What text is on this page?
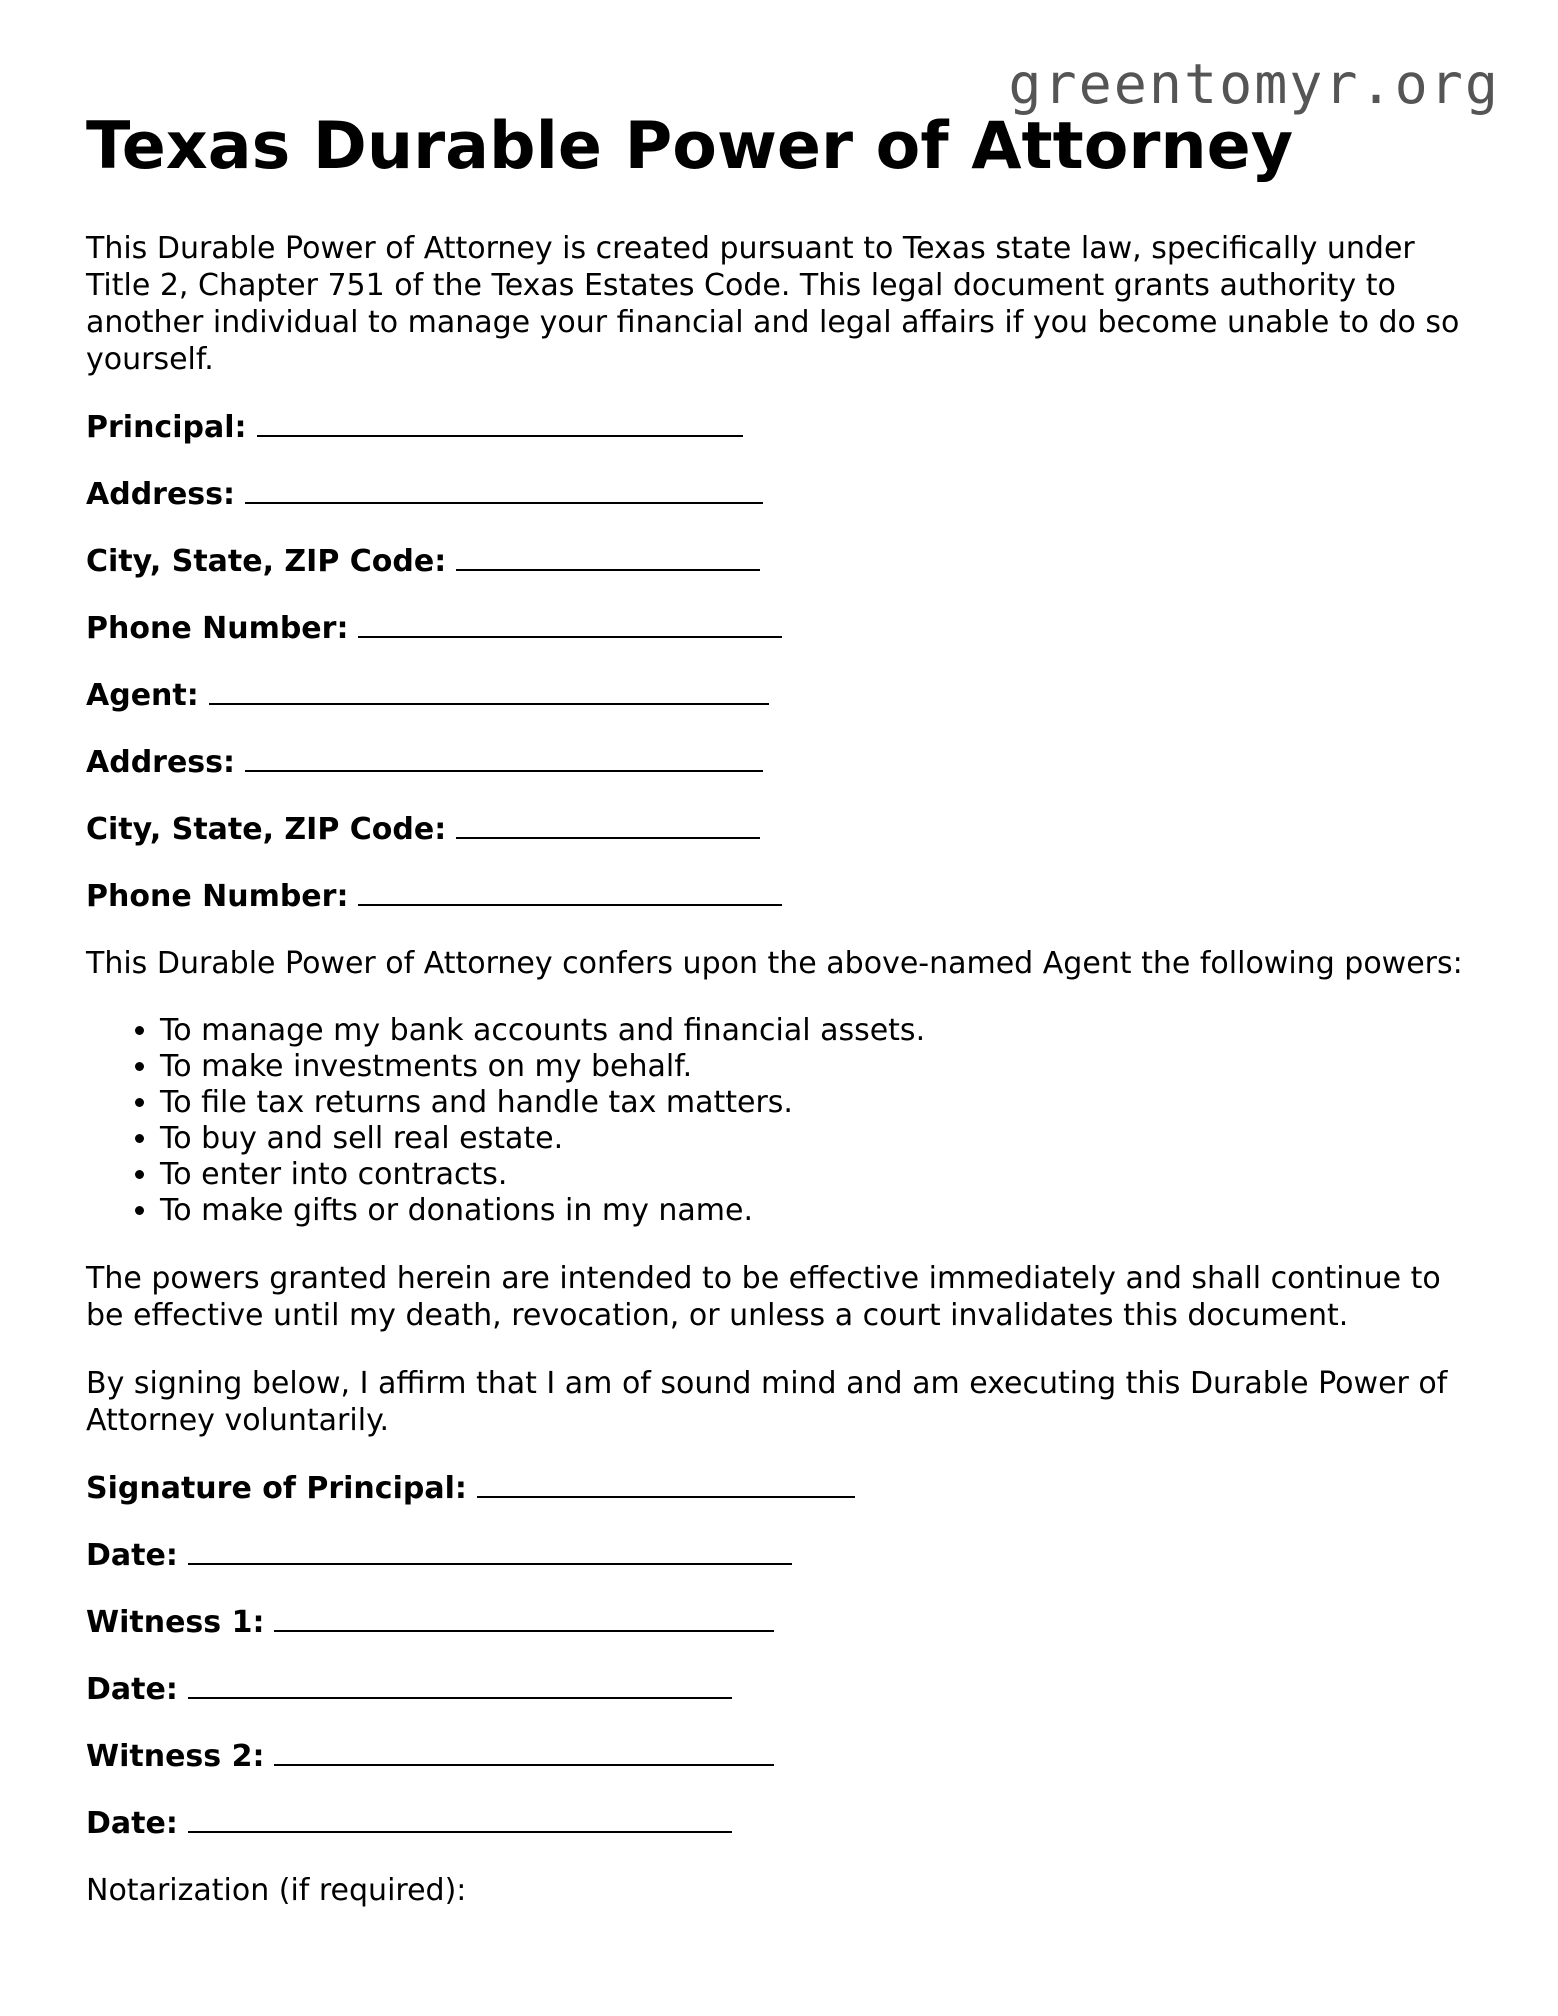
greentomyr.org
Texas Durable Power of Attorney

This Durable Power of Attorney is created pursuant to Texas state law, specifically under Title 2, Chapter 751 of the Texas Estates Code. This legal document grants authority to another individual to manage your financial and legal affairs if you become unable to do so yourself.

Principal:
Address:
City, State, ZIP Code:
Phone Number:
Agent:
Address:
City, State, ZIP Code:
Phone Number:

This Durable Power of Attorney confers upon the above-named Agent the following powers:

• To manage my bank accounts and financial assets.
• To make investments on my behalf.
• To file tax returns and handle tax matters.
• To buy and sell real estate.
• To enter into contracts.
• To make gifts or donations in my name.

The powers granted herein are intended to be effective immediately and shall continue to be effective until my death, revocation, or unless a court invalidates this document.

By signing below, I affirm that I am of sound mind and am executing this Durable Power of Attorney voluntarily.

Signature of Principal:
Date:
Witness 1:
Date:
Witness 2:
Date:

Notarization (if required):
